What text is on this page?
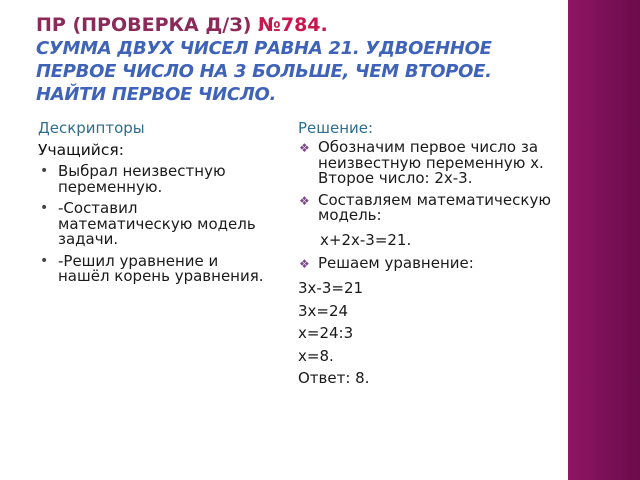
ПР (ПРОВЕРКА Д/З) №784.
СУММА ДВУХ ЧИСЕЛ РАВНА 21. УДВОЕННОЕ
ПЕРВОЕ ЧИСЛО НА 3 БОЛЬШЕ, ЧЕМ ВТОРОЕ.
НАЙТИ ПЕРВОЕ ЧИСЛО.
Дескрипторы
Учащийся:
• Выбрал неизвестную переменную.
• -Составил математическую модель задачи.
• -Решил уравнение и нашёл корень уравнения.
Решение:
❖ Обозначим первое число за неизвестную переменную х. Второе число: 2х-3.
❖ Составляем математическую модель:
х+2х-3=21.
❖ Решаем уравнение:
3х-3=21
3х=24
х=24:3
х=8.
Ответ: 8.
